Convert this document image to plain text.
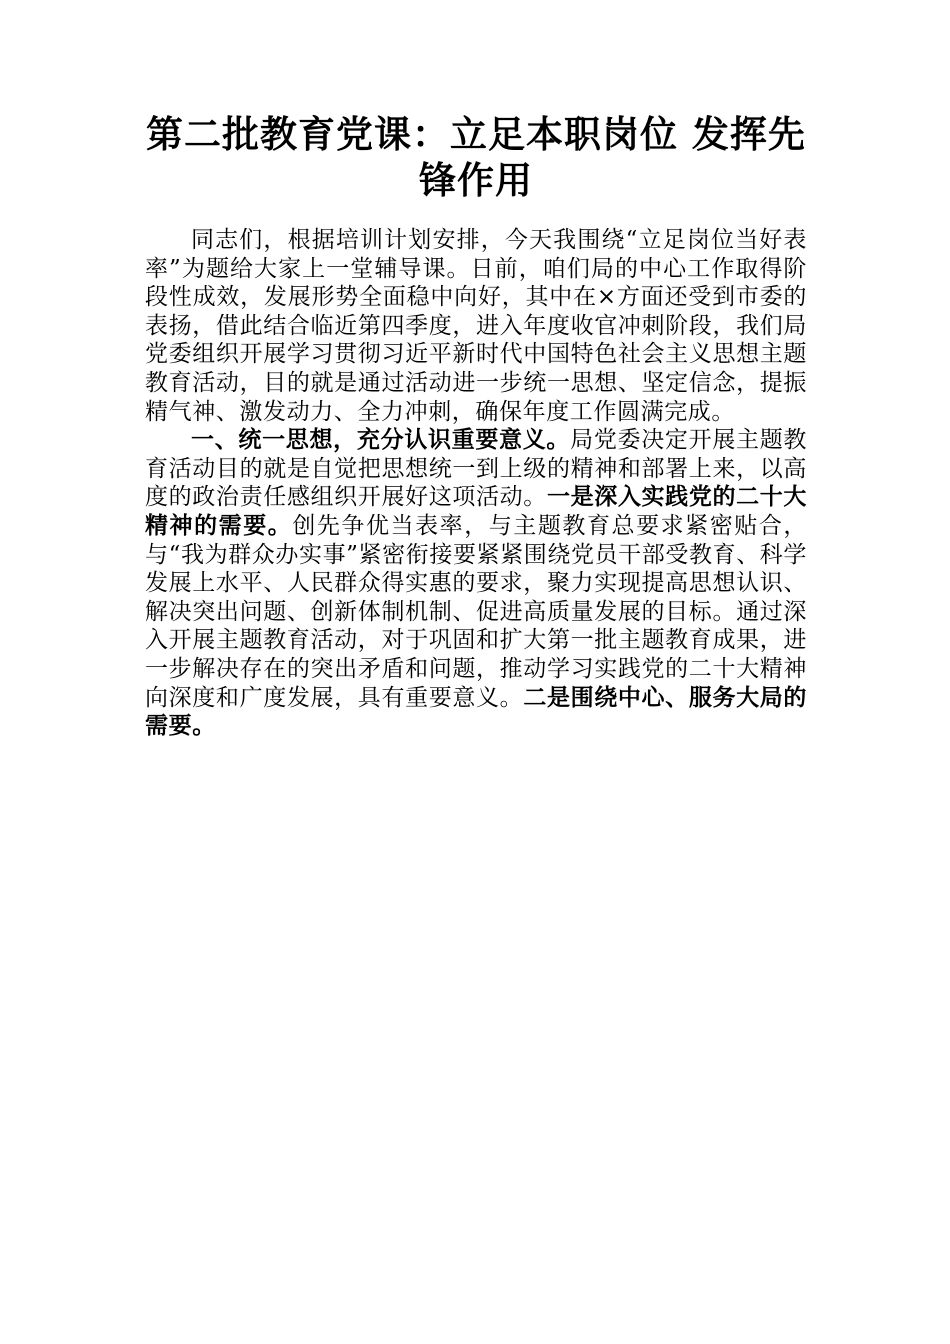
第二批教育党课：立足本职岗位 发挥先锋作用

同志们，根据培训计划安排，今天我围绕“立足岗位当好表率”为题给大家上一堂辅导课。日前，咱们局的中心工作取得阶段性成效，发展形势全面稳中向好，其中在×方面还受到市委的表扬，借此结合临近第四季度，进入年度收官冲刺阶段，我们局党委组织开展学习贯彻习近平新时代中国特色社会主义思想主题教育活动，目的就是通过活动进一步统一思想、坚定信念，提振精气神、激发动力、全力冲刺，确保年度工作圆满完成。

一、统一思想，充分认识重要意义。局党委决定开展主题教育活动目的就是自觉把思想统一到上级的精神和部署上来，以高度的政治责任感组织开展好这项活动。一是深入实践党的二十大精神的需要。创先争优当表率，与主题教育总要求紧密贴合，与“我为群众办实事”紧密衔接要紧紧围绕党员干部受教育、科学发展上水平、人民群众得实惠的要求，聚力实现提高思想认识、解决突出问题、创新体制机制、促进高质量发展的目标。通过深入开展主题教育活动，对于巩固和扩大第一批主题教育成果，进一步解决存在的突出矛盾和问题，推动学习实践党的二十大精神向深度和广度发展，具有重要意义。二是围绕中心、服务大局的需要。
